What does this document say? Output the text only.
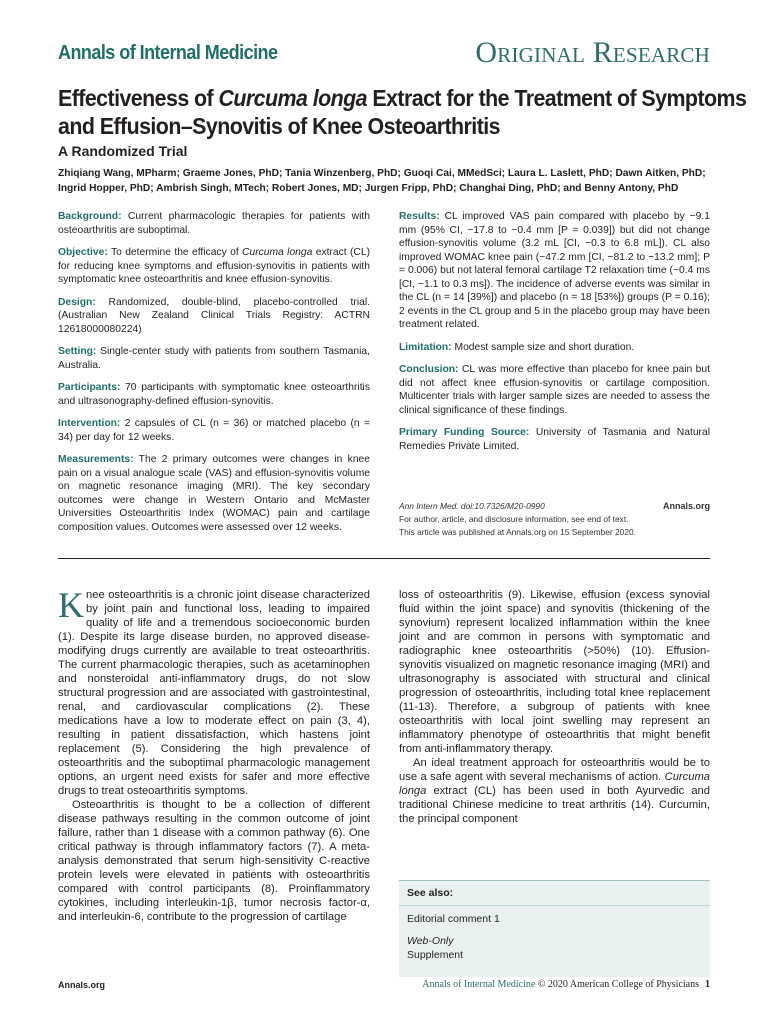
Annals of Internal Medicine	Original Research
Effectiveness of Curcuma longa Extract for the Treatment of Symptoms
and Effusion–Synovitis of Knee Osteoarthritis
A Randomized Trial
Zhiqiang Wang, MPharm; Graeme Jones, PhD; Tania Winzenberg, PhD; Guoqi Cai, MMedSci; Laura L. Laslett, PhD; Dawn Aitken, PhD; Ingrid Hopper, PhD; Ambrish Singh, MTech; Robert Jones, MD; Jurgen Fripp, PhD; Changhai Ding, PhD; and Benny Antony, PhD

Background: Current pharmacologic therapies for patients with osteoarthritis are suboptimal.

Objective: To determine the efficacy of Curcuma longa extract (CL) for reducing knee symptoms and effusion-synovitis in patients with symptomatic knee osteoarthritis and knee effusion-synovitis.

Design: Randomized, double-blind, placebo-controlled trial. (Australian New Zealand Clinical Trials Registry: ACTRN 12618000080224)

Setting: Single-center study with patients from southern Tasmania, Australia.

Participants: 70 participants with symptomatic knee osteoarthritis and ultrasonography-defined effusion-synovitis.

Intervention: 2 capsules of CL (n = 36) or matched placebo (n = 34) per day for 12 weeks.

Measurements: The 2 primary outcomes were changes in knee pain on a visual analogue scale (VAS) and effusion-synovitis volume on magnetic resonance imaging (MRI). The key secondary outcomes were change in Western Ontario and McMaster Universities Osteoarthritis Index (WOMAC) pain and cartilage composition values. Outcomes were assessed over 12 weeks.

Results: CL improved VAS pain compared with placebo by −9.1 mm (95% CI, −17.8 to −0.4 mm [P = 0.039]) but did not change effusion-synovitis volume (3.2 mL [CI, −0.3 to 6.8 mL]). CL also improved WOMAC knee pain (−47.2 mm [CI, −81.2 to −13.2 mm]; P = 0.006) but not lateral femoral cartilage T2 relaxation time (−0.4 ms [CI, −1.1 to 0.3 ms]). The incidence of adverse events was similar in the CL (n = 14 [39%]) and placebo (n = 18 [53%]) groups (P = 0.16); 2 events in the CL group and 5 in the placebo group may have been treatment related.

Limitation: Modest sample size and short duration.

Conclusion: CL was more effective than placebo for knee pain but did not affect knee effusion-synovitis or cartilage composition. Multicenter trials with larger sample sizes are needed to assess the clinical significance of these findings.

Primary Funding Source: University of Tasmania and Natural Remedies Private Limited.

Ann Intern Med. doi:10.7326/M20-0990	Annals.org
For author, article, and disclosure information, see end of text.
This article was published at Annals.org on 15 September 2020.

Knee osteoarthritis is a chronic joint disease characterized by joint pain and functional loss, leading to impaired quality of life and a tremendous socioeconomic burden (1). Despite its large disease burden, no approved disease-modifying drugs currently are available to treat osteoarthritis. The current pharmacologic therapies, such as acetaminophen and nonsteroidal anti-inflammatory drugs, do not slow structural progression and are associated with gastrointestinal, renal, and cardiovascular complications (2). These medications have a low to moderate effect on pain (3, 4), resulting in patient dissatisfaction, which hastens joint replacement (5). Considering the high prevalence of osteoarthritis and the suboptimal pharmacologic management options, an urgent need exists for safer and more effective drugs to treat osteoarthritis symptoms.

Osteoarthritis is thought to be a collection of different disease pathways resulting in the common outcome of joint failure, rather than 1 disease with a common pathway (6). One critical pathway is through inflammatory factors (7). A meta-analysis demonstrated that serum high-sensitivity C-reactive protein levels were elevated in patients with osteoarthritis compared with control participants (8). Proinflammatory cytokines, including interleukin-1β, tumor necrosis factor-α, and interleukin-6, contribute to the progression of cartilage

loss of osteoarthritis (9). Likewise, effusion (excess synovial fluid within the joint space) and synovitis (thickening of the synovium) represent localized inflammation within the knee joint and are common in persons with symptomatic and radiographic knee osteoarthritis (>50%) (10). Effusion-synovitis visualized on magnetic resonance imaging (MRI) and ultrasonography is associated with structural and clinical progression of osteoarthritis, including total knee replacement (11-13). Therefore, a subgroup of patients with knee osteoarthritis with local joint swelling may represent an inflammatory phenotype of osteoarthritis that might benefit from anti-inflammatory therapy.

An ideal treatment approach for osteoarthritis would be to use a safe agent with several mechanisms of action. Curcuma longa extract (CL) has been used in both Ayurvedic and traditional Chinese medicine to treat arthritis (14). Curcumin, the principal component

See also:
Editorial comment 1
Web-Only
Supplement
Annals.org	Annals of Internal Medicine © 2020 American College of Physicians 1
